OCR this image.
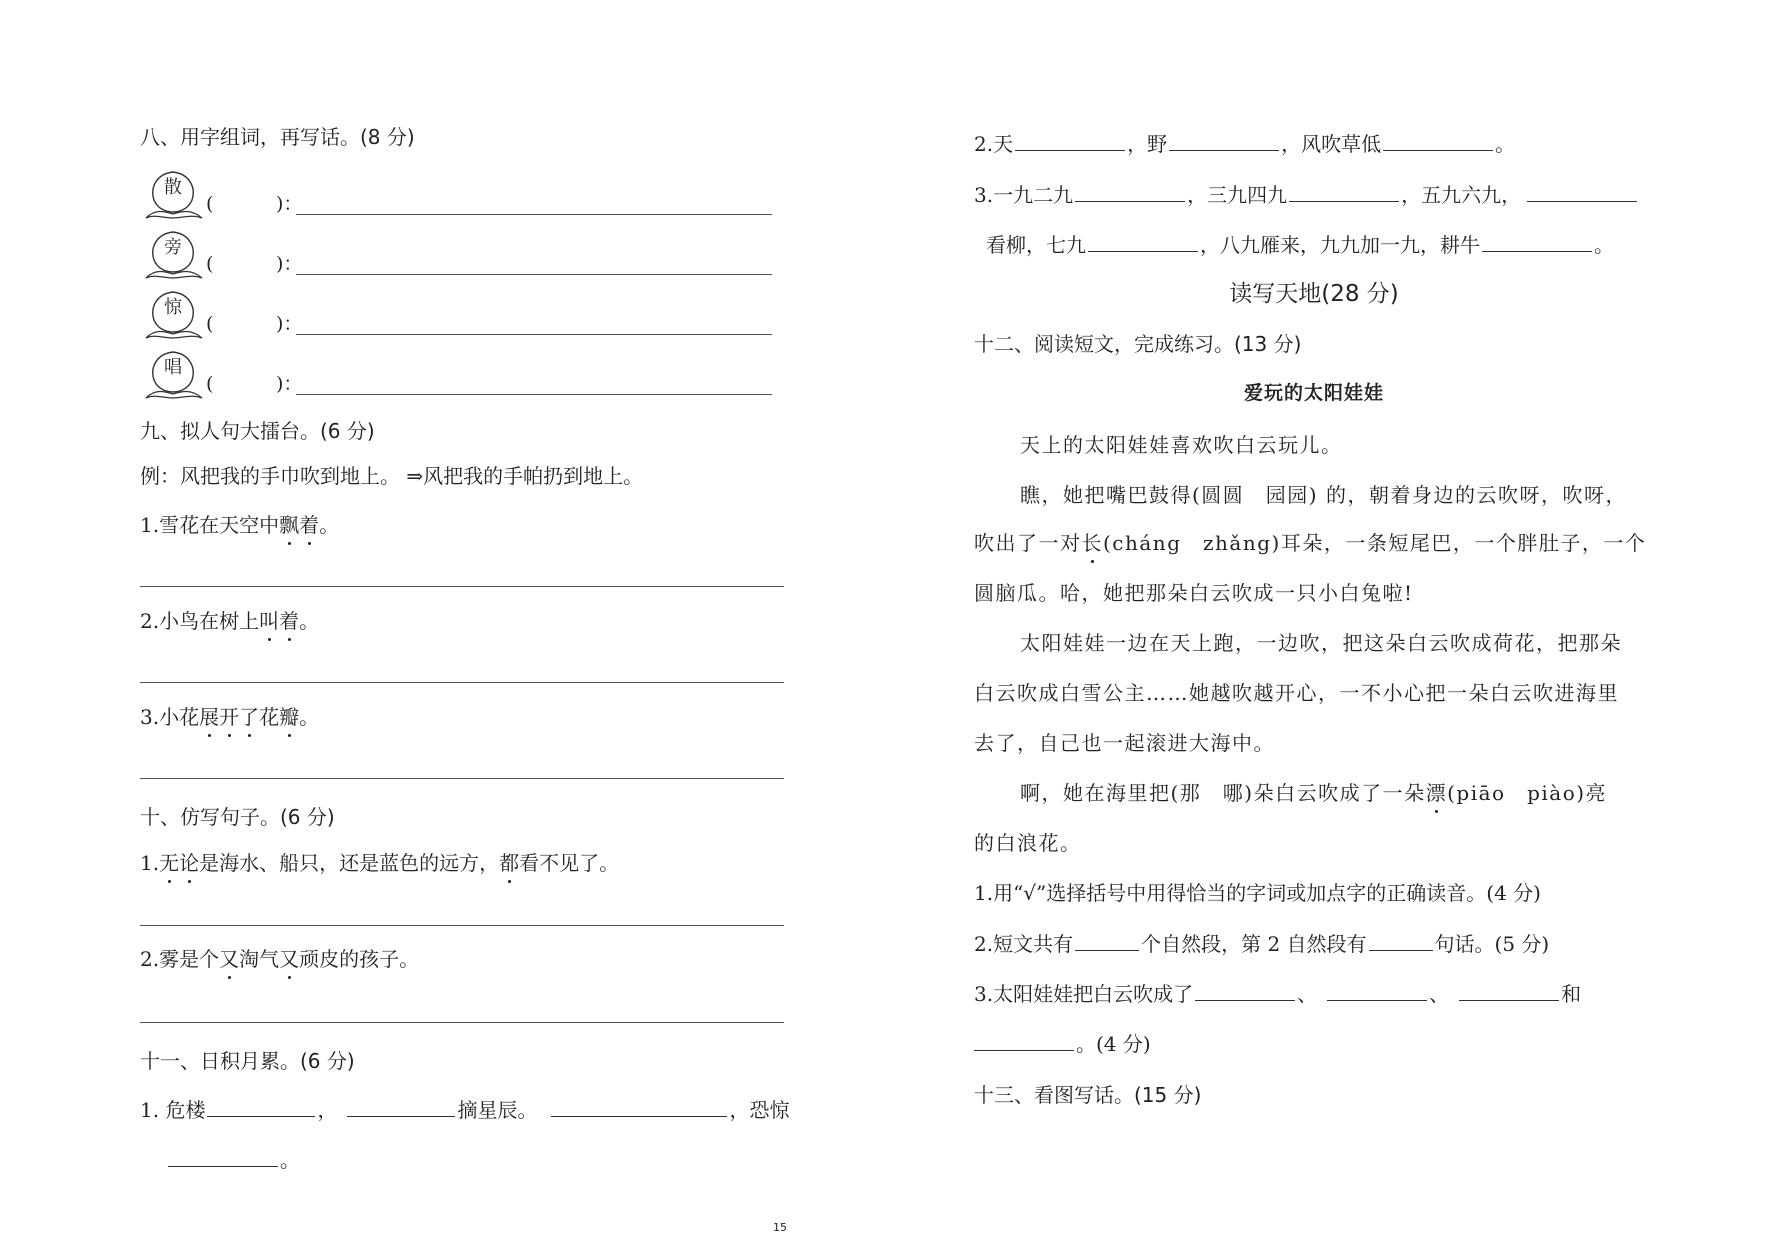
八、用字组词，再写话。(8 分)
散
(	)：
旁
(	)：
惊
(	)：
唱
(	)：
九、拟人句大擂台。(6 分)
例：风把我的手巾吹到地上。 ⇒风把我的手帕扔到地上。
1.雪花在天空中飘着。
2.小鸟在树上叫着。
3.小花展开了花瓣。
十、仿写句子。(6 分)
1.无论是海水、船只，还是蓝色的远方，都看不见了。
2.雾是个又淘气又顽皮的孩子。
十一、日积月累。(6 分)
1. 危楼	，	摘星辰。	，恐惊
。
15
2.天	，野	，风吹草低	。
3.一九二九	，三九四九	，五九六九，
看柳，七九	，八九雁来，九九加一九，耕牛	。
读写天地(28 分)
十二、阅读短文，完成练习。(13 分)
爱玩的太阳娃娃
天上的太阳娃娃喜欢吹白云玩儿。
瞧，她把嘴巴鼓得(圆圆　园园) 的，朝着身边的云吹呀，吹呀，
吹出了一对长(cháng　zhǎng)耳朵，一条短尾巴，一个胖肚子，一个
圆脑瓜。哈，她把那朵白云吹成一只小白兔啦!
太阳娃娃一边在天上跑，一边吹，把这朵白云吹成荷花，把那朵
白云吹成白雪公主……她越吹越开心，一不小心把一朵白云吹进海里
去了，自己也一起滚进大海中。
啊，她在海里把(那　哪)朵白云吹成了一朵漂(piāo　piào)亮
的白浪花。
1.用“√”选择括号中用得恰当的字词或加点字的正确读音。(4 分)
2.短文共有	个自然段，第 2 自然段有	句话。(5 分)
3.太阳娃娃把白云吹成了	、	、	和
。(4 分)
十三、看图写话。(15 分)
